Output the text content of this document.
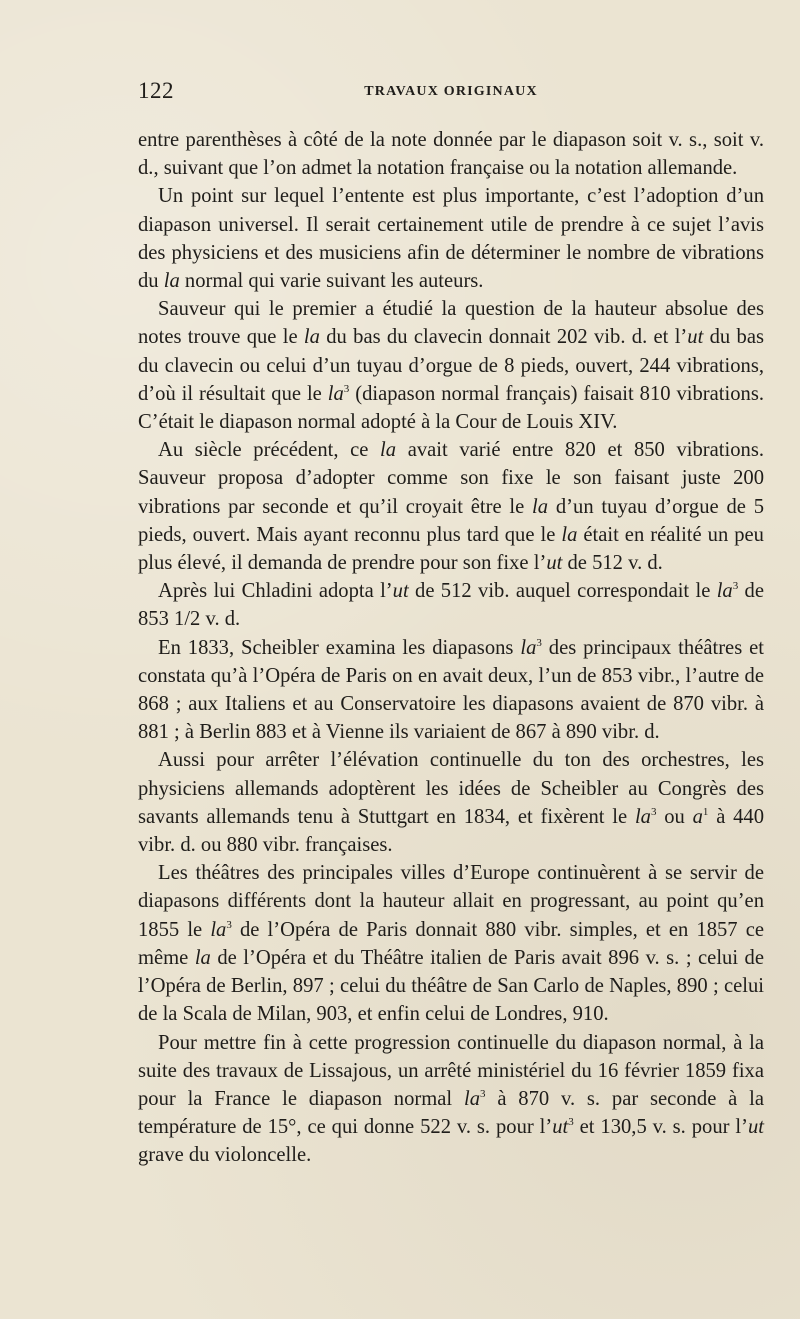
122	TRAVAUX ORIGINAUX

entre parenthèses à côté de la note donnée par le diapason soit v. s., soit v. d., suivant que l’on admet la notation française ou la notation allemande.

Un point sur lequel l’entente est plus importante, c’est l’adoption d’un diapason universel. Il serait certainement utile de prendre à ce sujet l’avis des physiciens et des musiciens afin de déterminer le nombre de vibrations du la normal qui varie suivant les auteurs.

Sauveur qui le premier a étudié la question de la hauteur absolue des notes trouve que le la du bas du clavecin donnait 202 vib. d. et l’ut du bas du clavecin ou celui d’un tuyau d’orgue de 8 pieds, ouvert, 244 vibrations, d’où il résultait que le $la^3$ (diapason normal français) faisait 810 vibrations. C’était le diapason normal adopté à la Cour de Louis XIV.

Au siècle précédent, ce la avait varié entre 820 et 850 vibrations. Sauveur proposa d’adopter comme son fixe le son faisant juste 200 vibrations par seconde et qu’il croyait être le la d’un tuyau d’orgue de 5 pieds, ouvert. Mais ayant reconnu plus tard que le la était en réalité un peu plus élevé, il demanda de prendre pour son fixe l’ut de 512 v. d.

Après lui Chladini adopta l’ut de 512 vib. auquel correspondait le $la^3$ de 853 1/2 v. d.

En 1833, Scheibler examina les diapasons $la^3$ des principaux théâtres et constata qu’à l’Opéra de Paris on en avait deux, l’un de 853 vibr., l’autre de 868 ; aux Italiens et au Conservatoire les diapasons avaient de 870 vibr. à 881 ; à Berlin 883 et à Vienne ils variaient de 867 à 890 vibr. d.

Aussi pour arrêter l’élévation continuelle du ton des orchestres, les physiciens allemands adoptèrent les idées de Scheibler au Congrès des savants allemands tenu à Stuttgart en 1834, et fixèrent le $la^3$ ou $a^1$ à 440 vibr. d. ou 880 vibr. françaises.

Les théâtres des principales villes d’Europe continuèrent à se servir de diapasons différents dont la hauteur allait en progressant, au point qu’en 1855 le $la^3$ de l’Opéra de Paris donnait 880 vibr. simples, et en 1857 ce même la de l’Opéra et du Théâtre italien de Paris avait 896 v. s. ; celui de l’Opéra de Berlin, 897 ; celui du théâtre de San Carlo de Naples, 890 ; celui de la Scala de Milan, 903, et enfin celui de Londres, 910.

Pour mettre fin à cette progression continuelle du diapason normal, à la suite des travaux de Lissajous, un arrêté ministériel du 16 février 1859 fixa pour la France le diapason normal $la^3$ à 870 v. s. par seconde à la température de 15°, ce qui donne 522 v. s. pour $l’ut^3$ et 130,5 v. s. pour l’ut grave du violoncelle.
